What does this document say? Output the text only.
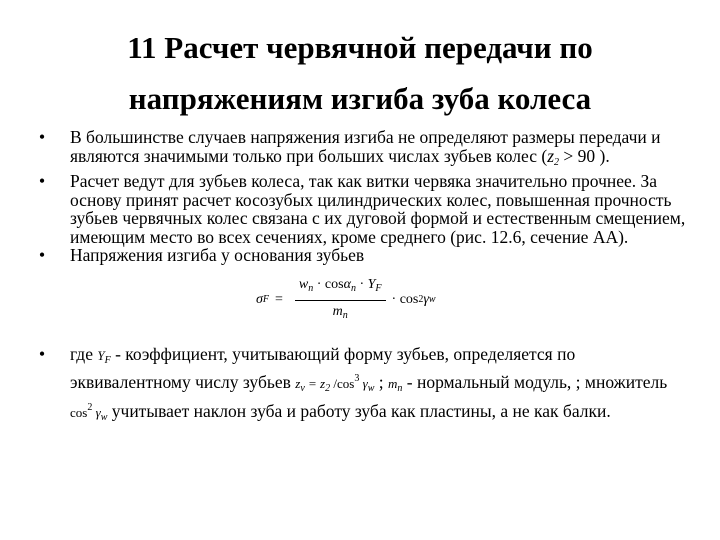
11 Расчет червячной передачи по
напряжениям изгиба зуба колеса
•	В большинстве случаев напряжения изгиба не определяют размеры передачи и являются значимыми только при больших числах зубьев колес ($z_2 > 90$ ).
•	Расчет ведут для зубьев колеса, так как витки червяка значительно прочнее. За основу принят расчет косозубых цилиндрических колес, повышенная прочность зубьев червячных колес связана с их дуговой формой и естественным смещением, имеющим место во всех сечениях, кроме среднего (рис. 12.6, сечение АА).
•	Напряжения изгиба у основания зубьев
σ $F = \frac{w_n \cdot \cos\alpha_n \cdot Y_F}{m_n} \cdot \cos 2$ γ w
•	где $Y_F$ - коэффициент, учитывающий форму зубьев, определяется по эквивалентному числу зубьев $z_v = z_2$ $/\cos^3$ $\gamma_w$ ; $m_n$ - нормальный модуль, ; множитель $\cos^2 \gamma_w$ учитывает наклон зуба и работу зуба как пластины, а не как балки.
